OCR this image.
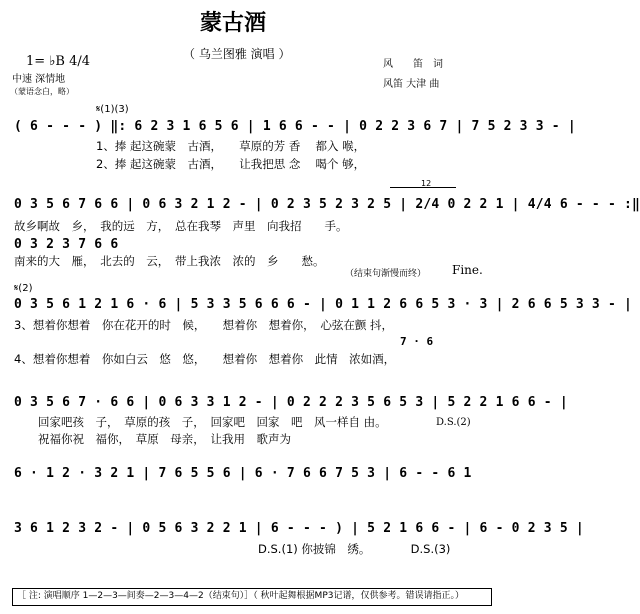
蒙古酒
（ 乌兰图雅 演唱 ）
1= ♭B 4/4
中速 深情地
（蒙语念白，略）
风　　笛　词
风笛 大津 曲
𝄋(1)(3)
( 6 - - - ) ‖: 6 2 3 1 6 5 6 | 1 6 6 - - | 0 2 2 3 6 7 | 7 5 2 3 3 - |
1、捧 起这碗蒙　古酒，　　草原的芳 香　 都入 喉，
2、捧 起这碗蒙　古酒，　　让我把思 念　 喝个 够，
12
0 3 5 6 7 6 6 | 0 6 3 2 1 2 - | 0 2 3 5 2 3 2 5 | 2/4 0 2 2 1 | 4/4 6 - - - :‖
故乡啊故　乡，　我的远　方，　总在我琴　声里　向我招　　手。
0 3 2 3 7 6 6
南来的大　雁，　北去的　云，　带上我浓　浓的　乡　　愁。
（结束句渐慢而终） Fine.
𝄋(2)
0 3 5 6 1 2 1 6 · 6 | 5 3 3 5 6 6 6 - | 0 1 1 2 6 6 5 3 · 3 | 2 6 6 5 3 3 - |
3、想着你想着　你在花开的时　候，　　想着你　想着你，　心弦在颤 抖，
7 · 6
4、想着你想着　你如白云　悠　悠，　　想着你　想着你　此情　浓如酒，
0 3 5 6 7 · 6 6 | 0 6 3 3 1 2 - | 0 2 2 2 3 5 6 5 3 | 5 2 2 1 6 6 - |
回家吧孩　子，　草原的孩　子，　回家吧　回家　吧　风一样自 由。
祝福你祝　福你，　草原　母亲，　让我用　歌声为
D.S.(2)
6 · 1 2 · 3 2 1 | 7 6 5 5 6 | 6 · 7 6 6 7 5 3 | 6 - - 6 1
3 6 1 2 3 2 - | 0 5 6 3 2 2 1 | 6 - - - ) | 5 2 1 6 6 - | 6 - 0 2 3 5 |
D.S.(1) 你披锦　绣。　　　　D.S.(3)
［ 注: 演唱顺序 1—2—3—间奏—2—3—4—2（结束句）］（ 秋叶起舞根据MP3记谱，仅供参考。错误请指正。）
